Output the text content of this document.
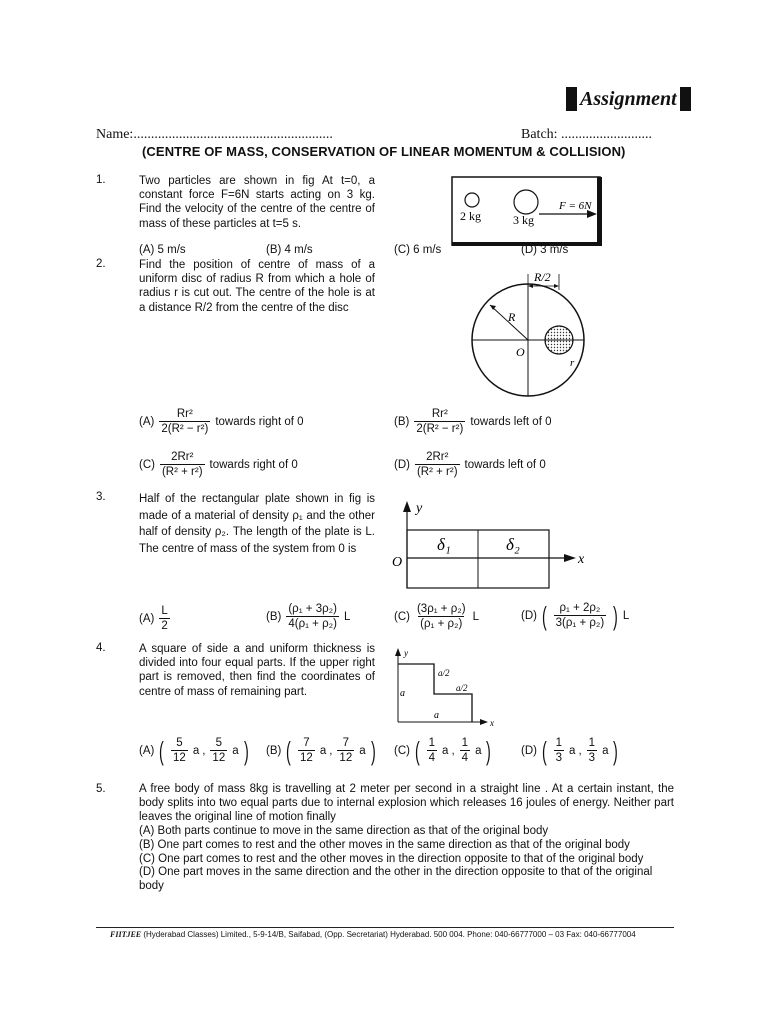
Assignment
Name:.........................................................	Batch: ..........................
(CENTRE OF MASS, CONSERVATION OF LINEAR MOMENTUM & COLLISION)
1.	Two particles are shown in fig At t=0, a constant force F=6N starts acting on 3 kg. Find the velocity of the centre of the centre of mass of these particles at t=5 s.
2 kg	3 kg
F = 6N
(A) 5 m/s	(B) 4 m/s	(C) 6 m/s	(D) 3 m/s
2.	Find the position of centre of mass of a uniform disc of radius R from which a hole of radius r is cut out. The centre of the hole is at a distance R/2 from the centre of the disc
R/2
R
O
r
$(A) \frac{\text{Rr²}}{\text{2(R² − r²)}}$ towards right of 0	$(B) \frac{\text{Rr²}}{\text{2(R² − r²)}}$ towards left of 0
$(C) \frac{\text{2Rr²}}{\text{(R² + r²)}}$ towards right of 0	$(D) \frac{\text{2Rr²}}{\text{(R² + r²)}}$ towards left of 0
3.	Half of the rectangular plate shown in fig is made of a material of density ρ₁ and the other half of density ρ₂. The length of the plate is L. The centre of mass of the system from 0 is
y
x
O
δ₁	δ₂
$(A) \frac{L}{2}$	$(B) \frac{\text{(ρ₁ + 3ρ₂)}}{\text{4(ρ₁ + ρ₂)}}$ L	$(C) \frac{\text{(3ρ₁ + ρ₂)}}{\text{(ρ₁ + ρ₂)}}$ L	(D) ( $\frac{\text{ρ₁ + 2ρ₂}}{\text{3(ρ₁ + ρ₂)}}$ ) L
4.	A square of side a and uniform thickness is divided into four equal parts. If the upper right part is removed, then find the coordinates of centre of mass of remaining part.
y
x
a
a
a/2
a/2
(A) ( $\frac{5}{12}$ a , $\frac{5}{12}$ a ) (B) ( $\frac{7}{12}$ a , $\frac{7}{12}$ a ) (C) ( $\frac{1}{4}$ a , $\frac{1}{4}$ a )	(D) ( $\frac{1}{3}$ a , $\frac{1}{3}$ a )
5.	A free body of mass 8kg is travelling at 2 meter per second in a straight line . At a certain instant, the body splits into two equal parts due to internal explosion which releases 16 joules of energy. Neither part leaves the original line of motion finally
(A) Both parts continue to move in the same direction as that of the original body
(B) One part comes to rest and the other moves in the same direction as that of the original body
(C) One part comes to rest and the other moves in the direction opposite to that of the original body
(D) One part moves in the same direction and the other in the direction opposite to that of the original body
FIITJEE (Hyderabad Classes) Limited., 5-9-14/B, Saifabad, (Opp. Secretariat) Hyderabad. 500 004. Phone: 040-66777000 – 03 Fax: 040-66777004
